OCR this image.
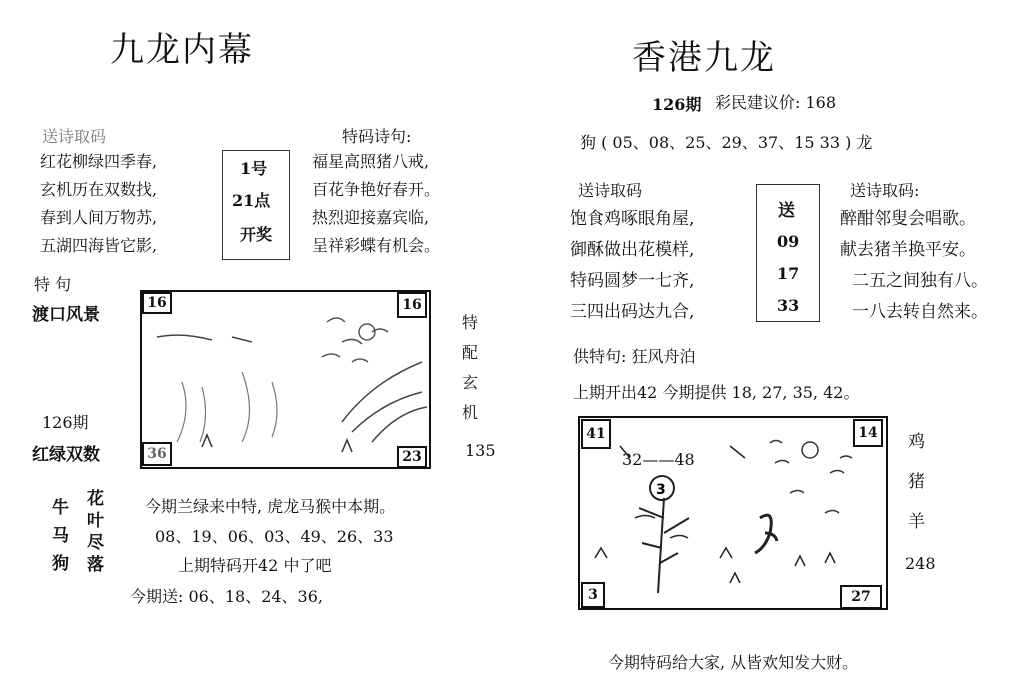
九龙内幕
送诗取码	特码诗句:
红花柳绿四季春,
玄机历在双数找,
春到人间万物苏,
五湖四海皆它影,
1号
21点
开奖
福星高照猪八戒,
百花争艳好春开。
热烈迎接嘉宾临,
呈祥彩蝶有机会。
特 句
渡口风景
16	16
36	23
特
配
玄
机
135
126期
红绿双数
牛
马
狗
花
叶
尽
落
今期兰绿来中特, 虎龙马猴中本期。
08、19、06、03、49、26、33
上期特码开42 中了吧
今期送: 06、18、24、36,
香港九龙
126期 彩民建议价: 168
狗 ( 05、08、25、29、37、15 33 ) 龙
送诗取码	送诗取码:
饱食鸡啄眼角屋,
御酥做出花模样,
特码圆梦一七齐,
三四出码达九合,
送
09
17
33
醉酣邻叟会唱歌。
献去猪羊换平安。
二五之间独有八。
一八去转自然来。
供特句: 狂风舟泊
上期开出42 今期提供 18, 27, 35, 42。
3
32——48
41	14
3	27
鸡
猪
羊
248
今期特码给大家, 从皆欢知发大财。
